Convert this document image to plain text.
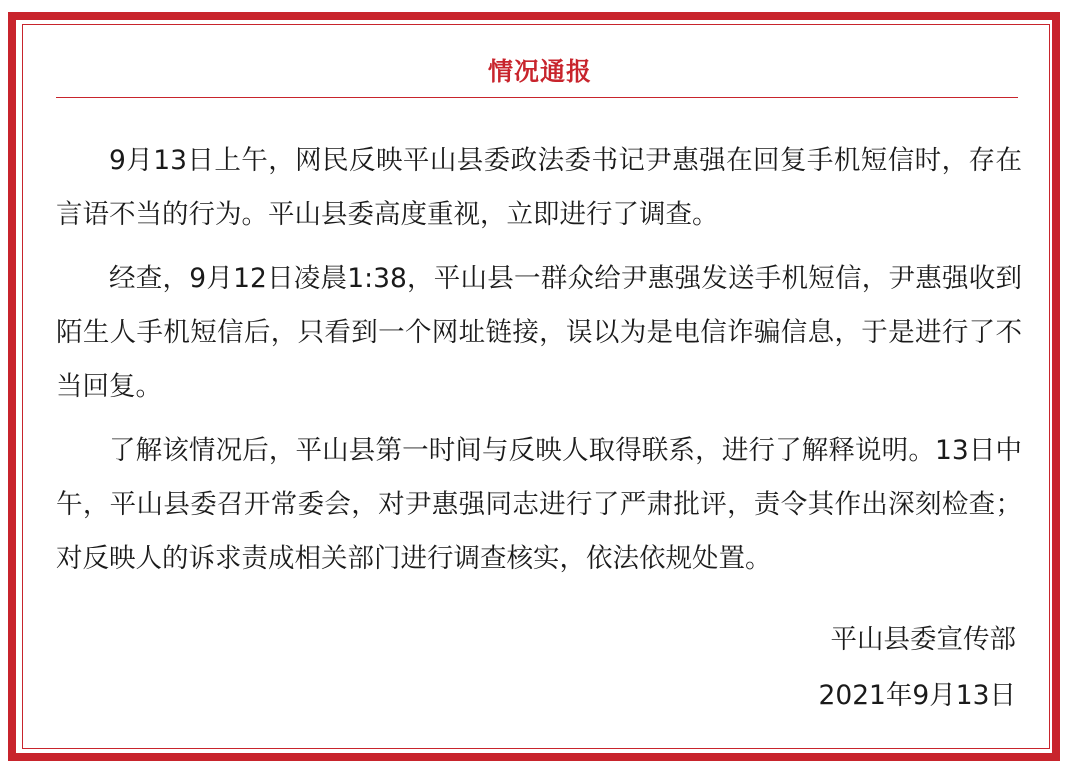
情况通报

9月13日上午，网民反映平山县委政法委书记尹惠强在回复手机短信时，存在言语不当的行为。平山县委高度重视，立即进行了调查。

经查，9月12日凌晨1:38，平山县一群众给尹惠强发送手机短信，尹惠强收到陌生人手机短信后，只看到一个网址链接，误以为是电信诈骗信息，于是进行了不当回复。

了解该情况后，平山县第一时间与反映人取得联系，进行了解释说明。13日中午，平山县委召开常委会，对尹惠强同志进行了严肃批评，责令其作出深刻检查；对反映人的诉求责成相关部门进行调查核实，依法依规处置。

平山县委宣传部
2021年9月13日
